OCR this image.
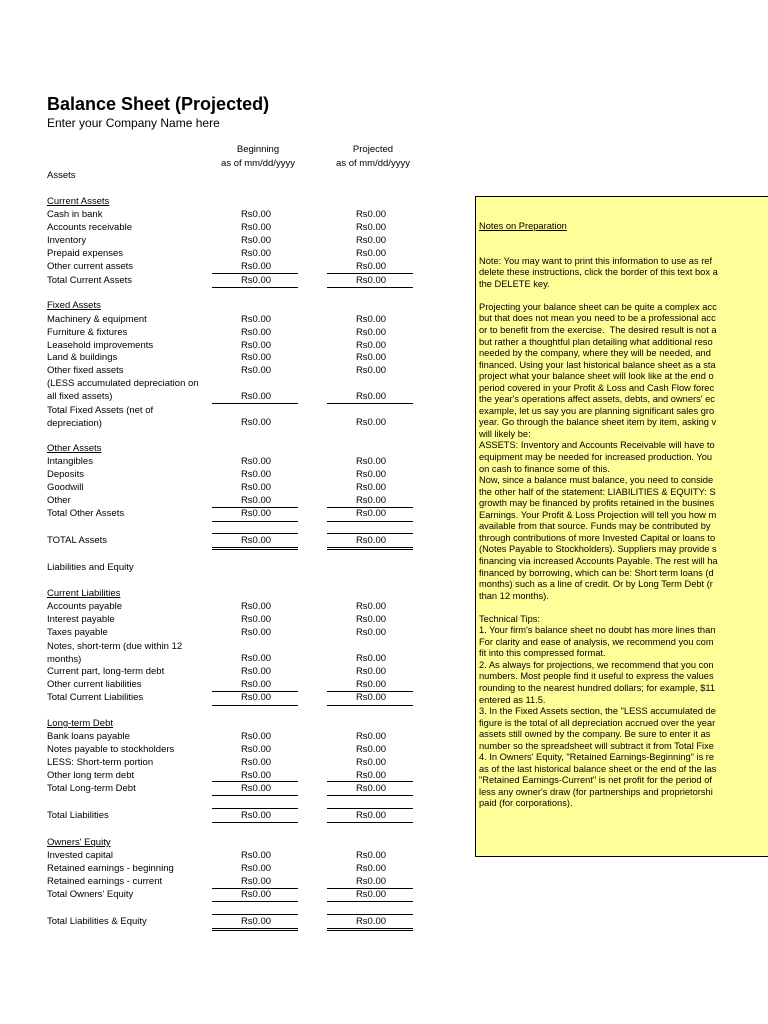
Balance Sheet (Projected)
Enter your Company Name here
Beginning
as of mm/dd/yyyy
Projected
as of mm/dd/yyyy
Assets
Current Assets
Cash in bank	Rs0.00	Rs0.00
Accounts receivable	Rs0.00	Rs0.00
Inventory	Rs0.00	Rs0.00
Prepaid expenses	Rs0.00	Rs0.00
Other current assets	Rs0.00	Rs0.00
Total Current Assets	Rs0.00	Rs0.00
Fixed Assets
Machinery & equipment	Rs0.00	Rs0.00
Furniture & fixtures	Rs0.00	Rs0.00
Leasehold improvements	Rs0.00	Rs0.00
Land & buildings	Rs0.00	Rs0.00
Other fixed assets	Rs0.00	Rs0.00
(LESS accumulated depreciation on all fixed assets)	Rs0.00	Rs0.00
Total Fixed Assets (net of depreciation)	Rs0.00	Rs0.00
Other Assets
Intangibles	Rs0.00	Rs0.00
Deposits	Rs0.00	Rs0.00
Goodwill	Rs0.00	Rs0.00
Other	Rs0.00	Rs0.00
Total Other Assets	Rs0.00	Rs0.00
TOTAL Assets	Rs0.00	Rs0.00
Liabilities and Equity
Current Liabilities
Accounts payable	Rs0.00	Rs0.00
Interest payable	Rs0.00	Rs0.00
Taxes payable	Rs0.00	Rs0.00
Notes, short-term (due within 12 months)	Rs0.00	Rs0.00
Current part, long-term debt	Rs0.00	Rs0.00
Other current liabilities	Rs0.00	Rs0.00
Total Current Liabilities	Rs0.00	Rs0.00
Long-term Debt
Bank loans payable	Rs0.00	Rs0.00
Notes payable to stockholders	Rs0.00	Rs0.00
LESS: Short-term portion	Rs0.00	Rs0.00
Other long term debt	Rs0.00	Rs0.00
Total Long-term Debt	Rs0.00	Rs0.00
Total Liabilities	Rs0.00	Rs0.00
Owners' Equity
Invested capital	Rs0.00	Rs0.00
Retained earnings - beginning	Rs0.00	Rs0.00
Retained earnings - current	Rs0.00	Rs0.00
Total Owners' Equity	Rs0.00	Rs0.00
Total Liabilities & Equity	Rs0.00	Rs0.00

Notes on Preparation

Note: You may want to print this information to use as ref
delete these instructions, click the border of this text box a
the DELETE key.

Projecting your balance sheet can be quite a complex acc
but that does not mean you need to be a professional acc
or to benefit from the exercise.  The desired result is not a
but rather a thoughtful plan detailing what additional reso
needed by the company, where they will be needed, and
financed. Using your last historical balance sheet as a sta
project what your balance sheet will look like at the end o
period covered in your Profit & Loss and Cash Flow forec
the year's operations affect assets, debts, and owners' ec
example, let us say you are planning significant sales gro
year. Go through the balance sheet item by item, asking v
will likely be:
ASSETS: Inventory and Accounts Receivable will have to
equipment may be needed for increased production. You
on cash to finance some of this.
Now, since a balance must balance, you need to conside
the other half of the statement: LIABILITIES & EQUITY: S
growth may be financed by profits retained in the busines
Earnings. Your Profit & Loss Projection will tell you how m
available from that source. Funds may be contributed by
through contributions of more Invested Capital or loans to
(Notes Payable to Stockholders). Suppliers may provide s
financing via increased Accounts Payable. The rest will ha
financed by borrowing, which can be: Short term loans (d
months) such as a line of credit. Or by Long Term Debt (r
than 12 months).

Technical Tips:
1. Your firm's balance sheet no doubt has more lines than
For clarity and ease of analysis, we recommend you com
fit into this compressed format.
2. As always for projections, we recommend that you con
numbers. Most people find it useful to express the values
rounding to the nearest hundred dollars; for example, $11
entered as 11.5.
3. In the Fixed Assets section, the "LESS accumulated de
figure is the total of all depreciation accrued over the year
assets still owned by the company. Be sure to enter it as
number so the spreadsheet will subtract it from Total Fixe
4. In Owners' Equity, "Retained Earnings-Beginning" is re
as of the last historical balance sheet or the end of the las
"Retained Earnings-Current" is net profit for the period of
less any owner's draw (for partnerships and proprietorshi
paid (for corporations).
